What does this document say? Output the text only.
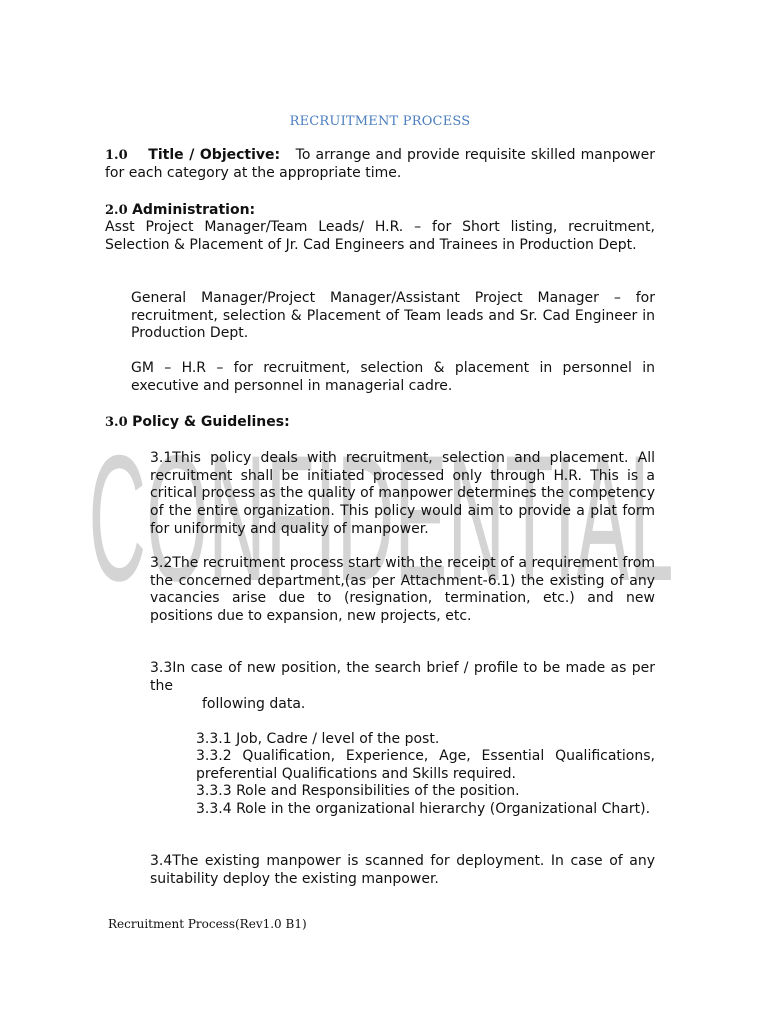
CONFIDENTIAL
RECRUITMENT PROCESS
1.0 Title / Objective: To arrange and provide requisite skilled manpower for each category at the appropriate time.
2.0 Administration:
Asst Project Manager/Team Leads/ H.R. – for Short listing, recruitment, Selection & Placement of Jr. Cad Engineers and Trainees in Production Dept.
General Manager/Project Manager/Assistant Project Manager – for recruitment, selection & Placement of Team leads and Sr. Cad Engineer in Production Dept.
GM – H.R – for recruitment, selection & placement in personnel in executive and personnel in managerial cadre.
3.0 Policy & Guidelines:
3.1This policy deals with recruitment, selection and placement. All recruitment shall be initiated processed only through H.R. This is a critical process as the quality of manpower determines the competency of the entire organization. This policy would aim to provide a plat form for uniformity and quality of manpower.
3.2The recruitment process start with the receipt of a requirement from the concerned department,(as per Attachment-6.1) the existing of any vacancies arise due to (resignation, termination, etc.) and new positions due to expansion, new projects, etc.
3.3In case of new position, the search brief / profile to be made as per the
following data.
3.3.1 Job, Cadre / level of the post.
3.3.2 Qualification, Experience, Age, Essential Qualifications, preferential Qualifications and Skills required.
3.3.3 Role and Responsibilities of the position.
3.3.4 Role in the organizational hierarchy (Organizational Chart).
3.4The existing manpower is scanned for deployment. In case of any suitability deploy the existing manpower.
Recruitment Process(Rev1.0 B1)
